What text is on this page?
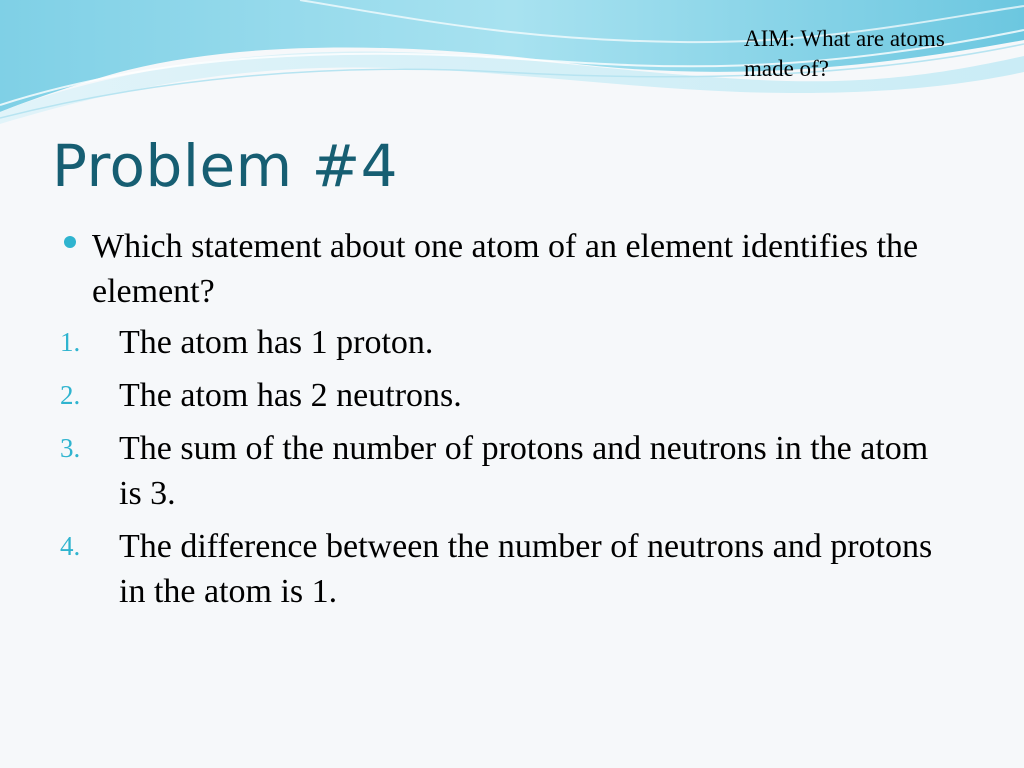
AIM: What are atoms
made of?
Problem #4
Which statement about one atom of an element identifies the element?
1. The atom has 1 proton.
2. The atom has 2 neutrons.
3. The sum of the number of protons and neutrons in the atom is 3.
4. The difference between the number of neutrons and protons in the atom is 1.
